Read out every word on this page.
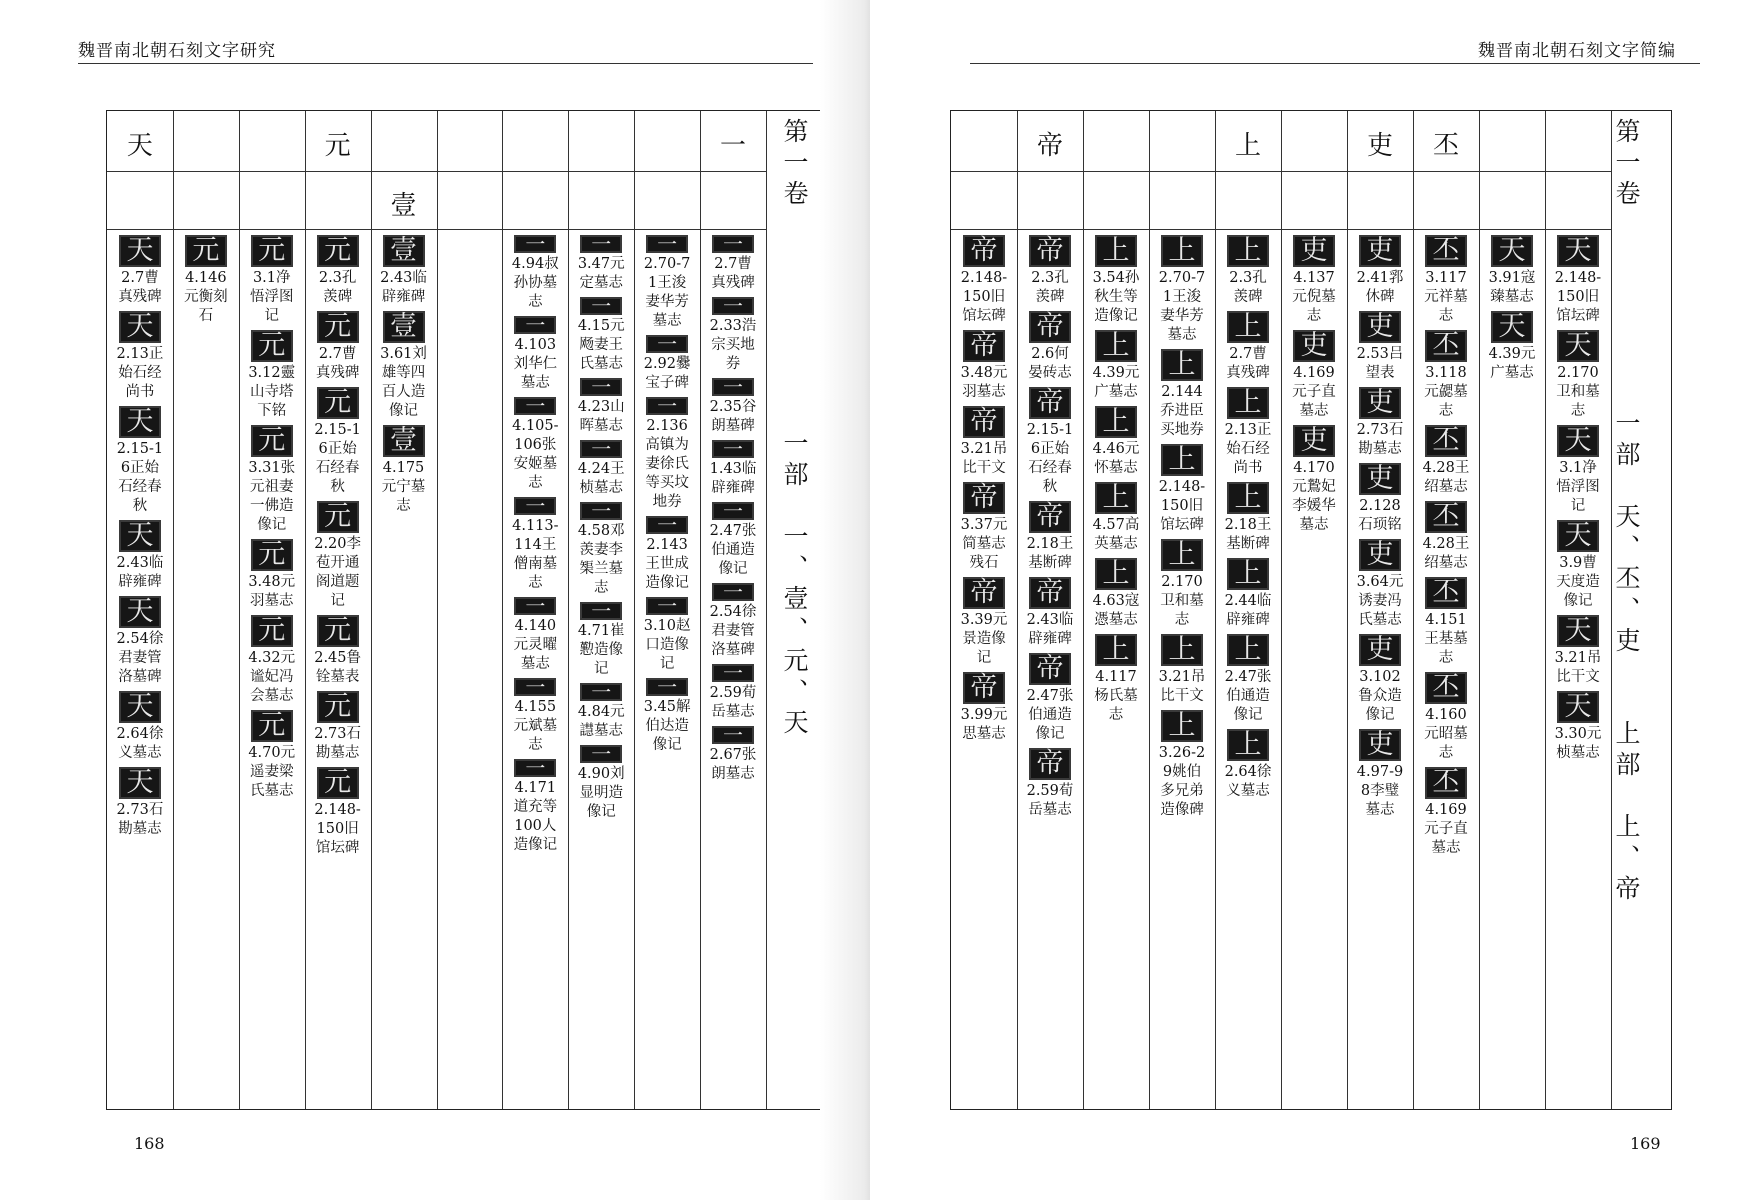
魏晋南北朝石刻文字研究
天
天
2.7曹真残碑
天
2.13正始石经尚书
天
2.15-16正始石经春秋
天
2.43临辟雍碑
天
2.54徐君妻管洛墓碑
天
2.64徐义墓志
天
2.73石勘墓志
元
4.146元衡刻石
元
3.1净悟浮图记
元
3.12靈山寺塔下铭
元
3.31张元祖妻一佛造像记
元
3.48元羽墓志
元
4.32元谧妃冯会墓志
元
4.70元遥妻梁氏墓志
元
元
2.3孔羡碑
元
2.7曹真残碑
元
2.15-16正始石经春秋
元
2.20李苞开通阁道题记
元
2.45鲁铨墓表
元
2.73石勘墓志
元
2.148-150旧馆坛碑
壹
壹
2.43临辟雍碑
壹
3.61刘雄等四百人造像记
壹
4.175元宁墓志
一
4.94叔孙协墓志
一
4.103刘华仁墓志
一
4.105-106张安姬墓志
一
4.113-114王僧南墓志
一
4.140元灵曜墓志
一
4.155元斌墓志
一
4.171道充等100人造像记
一
3.47元定墓志
一
4.15元飏妻王氏墓志
一
4.23山晖墓志
一
4.24王桢墓志
一
4.58邓羡妻李榘兰墓志
一
4.71崔懃造像记
一
4.84元譿墓志
一
4.90刘显明造像记
一
2.70-71王浚妻华芳墓志
一
2.92爨宝子碑
一
2.136高镇为妻徐氏等买坟地券
一
2.143王世成造像记
一
3.10赵口造像记
一
3.45解伯达造像记
一
一
2.7曹真残碑
一
2.33浩宗买地券
一
2.35谷朗墓碑
一
1.43临辟雍碑
一
2.47张伯通造像记
一
2.54徐君妻管洛墓碑
一
2.59荀岳墓志
一
2.67张朗墓志
第一卷
一部　一、壹、元、天
168
魏晋南北朝石刻文字简编
帝
2.148-150旧馆坛碑
帝
3.48元羽墓志
帝
3.21吊比干文
帝
3.37元简墓志残石
帝
3.39元景造像记
帝
3.99元思墓志
帝
帝
2.3孔羡碑
帝
2.6何晏砖志
帝
2.15-16正始石经春秋
帝
2.18王基断碑
帝
2.43临辟雍碑
帝
2.47张伯通造像记
帝
2.59荀岳墓志
上
3.54孙秋生等造像记
上
4.39元广墓志
上
4.46元怀墓志
上
4.57高英墓志
上
4.63寇憑墓志
上
4.117杨氏墓志
上
2.70-71王浚妻华芳墓志
上
2.144乔进臣买地券
上
2.148-150旧馆坛碑
上
2.170卫和墓志
上
3.21吊比干文
上
3.26-29姚伯多兄弟造像碑
上
上
2.3孔羡碑
上
2.7曹真残碑
上
2.13正始石经尚书
上
2.18王基断碑
上
2.44临辟雍碑
上
2.47张伯通造像记
上
2.64徐义墓志
吏
4.137元倪墓志
吏
4.169元子直墓志
吏
4.170元鷙妃李媛华墓志
吏
吏
2.41郛休碑
吏
2.53吕望表
吏
2.73石勘墓志
吏
2.128石顼铭
吏
3.64元诱妻冯氏墓志
吏
3.102鲁众造像记
吏
4.97-98李璧墓志
丕
丕
3.117元祥墓志
丕
3.118元勰墓志
丕
4.28王绍墓志
丕
4.28王绍墓志
丕
4.151王基墓志
丕
4.160元昭墓志
丕
4.169元子直墓志
天
3.91寇臻墓志
天
4.39元广墓志
天
2.148-150旧馆坛碑
天
2.170卫和墓志
天
3.1净悟浮图记
天
3.9曹天度造像记
天
3.21吊比干文
天
3.30元桢墓志
第一卷
一部　天、丕、吏　　上部　上、帝
169
